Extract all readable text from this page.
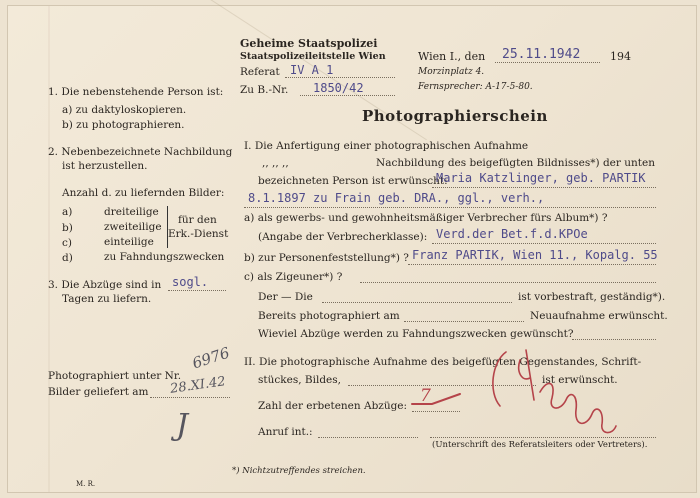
Geheime Staatspolizei
Staatspolizeileitstelle Wien
Referat IV A 1
Zu B.-Nr. 1850/42
Wien I., den 25.11.1942	194
Morzinplatz 4.
Fernsprecher: A-17-5-80.
Photographierschein
1. Die nebenstehende Person ist:
a) zu daktyloskopieren.
b) zu photographieren.
2. Nebenbezeichnete Nachbildung
ist herzustellen.
Anzahl d. zu liefernden Bilder:
a)	dreiteilige
b)	zweiteilige
c)	einteilige
d)	zu Fahndungszwecken
für den
Erk.-Dienst
3. Die Abzüge sind in sogl.
Tagen zu liefern.
Photographiert unter Nr.
6976
Bilder geliefert am 28.XI.42
J
M. R.
I. Die Anfertigung einer photographischen Aufnahme
,, ,, ,,	Nachbildung des beigefügten Bildnisses*) der unten
bezeichneten Person ist erwünscht:
Maria Katzlinger, geb. PARTIK
8.1.1897 zu Frain geb. DRA., ggl., verh.,
a) als gewerbs- und gewohnheitsmäßiger Verbrecher fürs Album*) ?
(Angabe der Verbrecherklasse): Verd.der Bet.f.d.KPOe
b) zur Personenfeststellung*) ? Franz PARTIK, Wien 11., Kopalg. 55
c) als Zigeuner*) ?
Der — Die	ist vorbestraft, geständig*).
Bereits photographiert am	Neuaufnahme erwünscht.
Wieviel Abzüge werden zu Fahndungszwecken gewünscht?
II. Die photographische Aufnahme des beigefügten Gegenstandes, Schrift-
stückes, Bildes,	ist erwünscht.
Zahl der erbetenen Abzüge: 7
Anruf int.:
(Unterschrift des Referatsleiters oder Vertreters).
*) Nichtzutreffendes streichen.
